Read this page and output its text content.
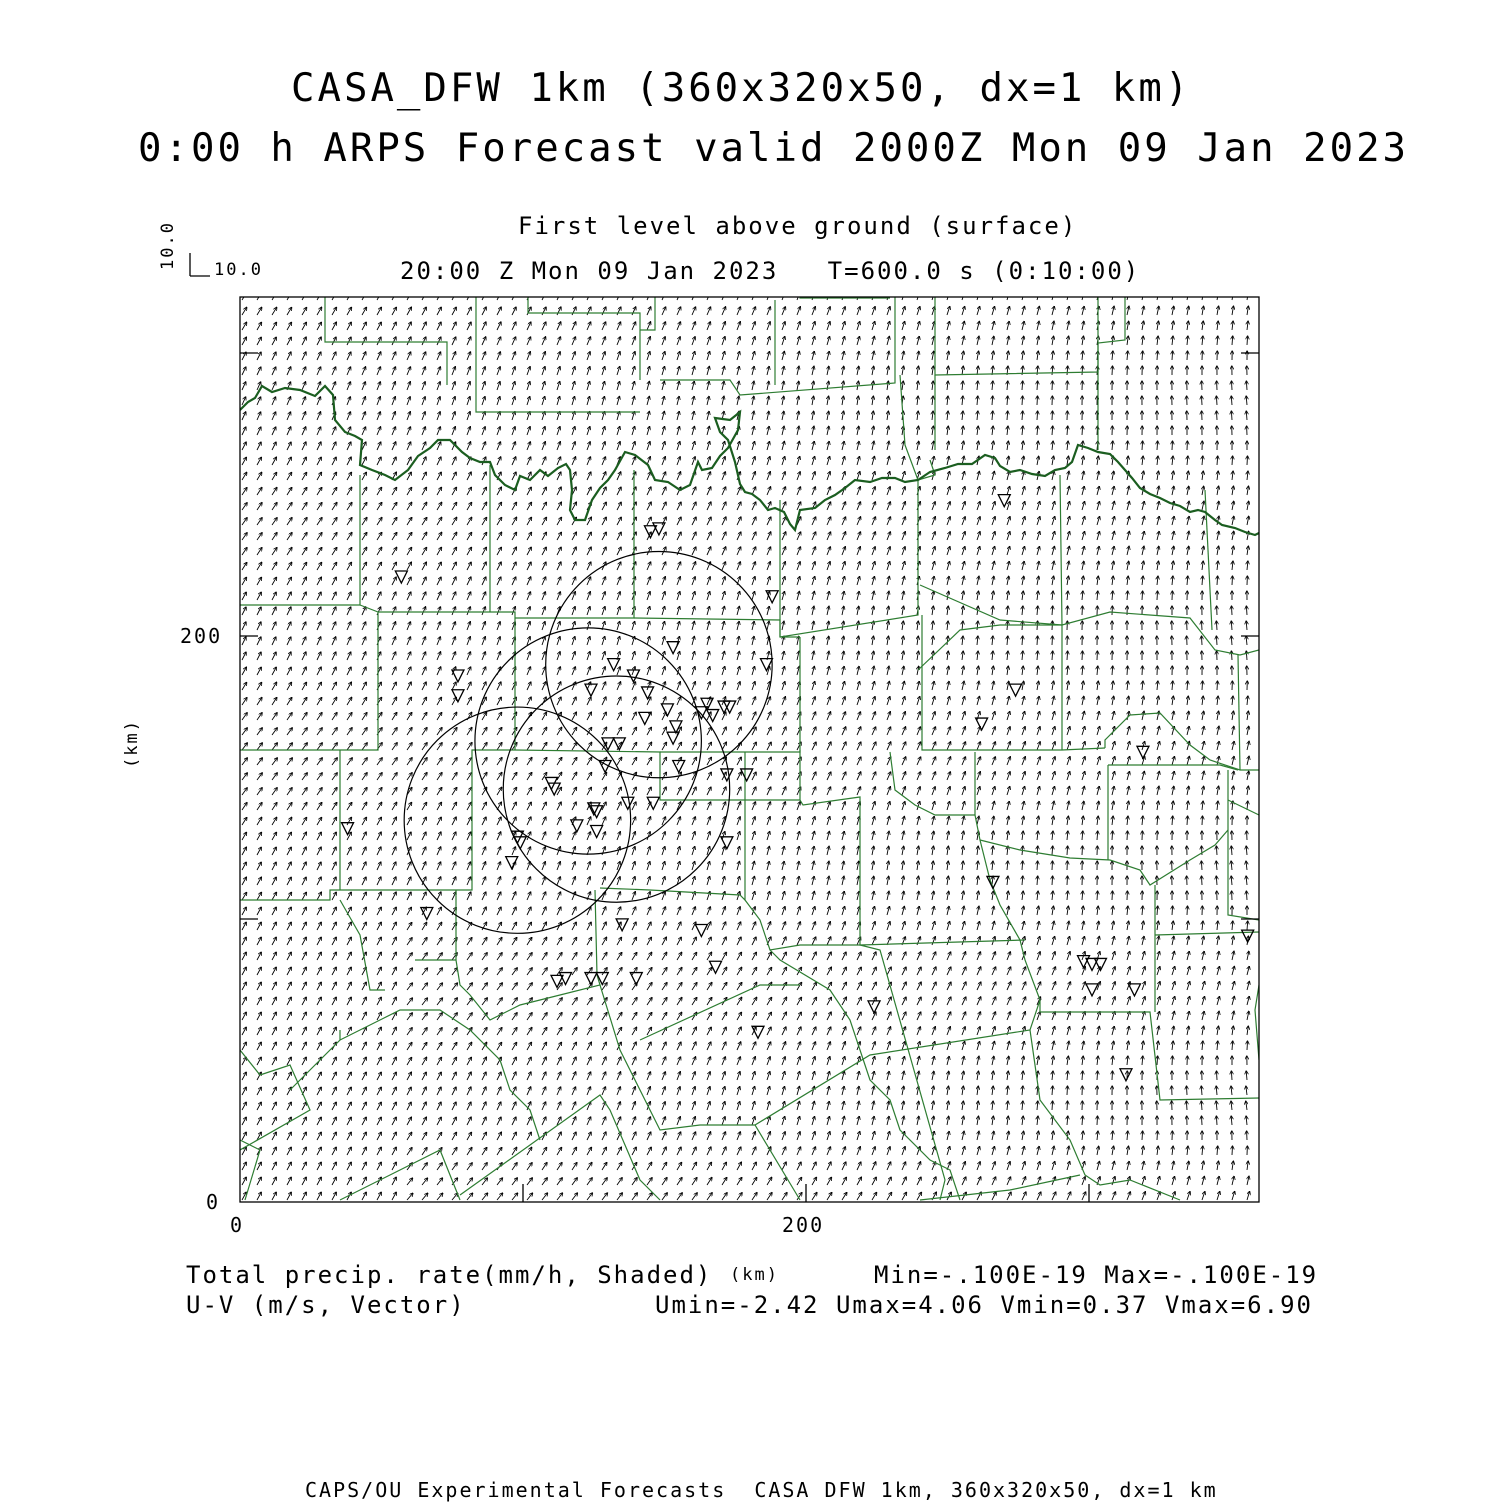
CASA_DFW 1km (360x320x50, dx=1 km)
0:00 h ARPS Forecast valid 2000Z Mon 09 Jan 2023
First level above ground (surface)
20:00 Z Mon 09 Jan 2023   T=600.0 s (0:10:00)
10.0
10.0
200
0
0	200
(km)
Total precip. rate(mm/h, Shaded) (km)	Min=-.100E-19 Max=-.100E-19
U-V (m/s, Vector)	Umin=-2.42 Umax=4.06 Vmin=0.37 Vmax=6.90
CAPS/OU Experimental Forecasts  CASA DFW 1km, 360x320x50, dx=1 km
